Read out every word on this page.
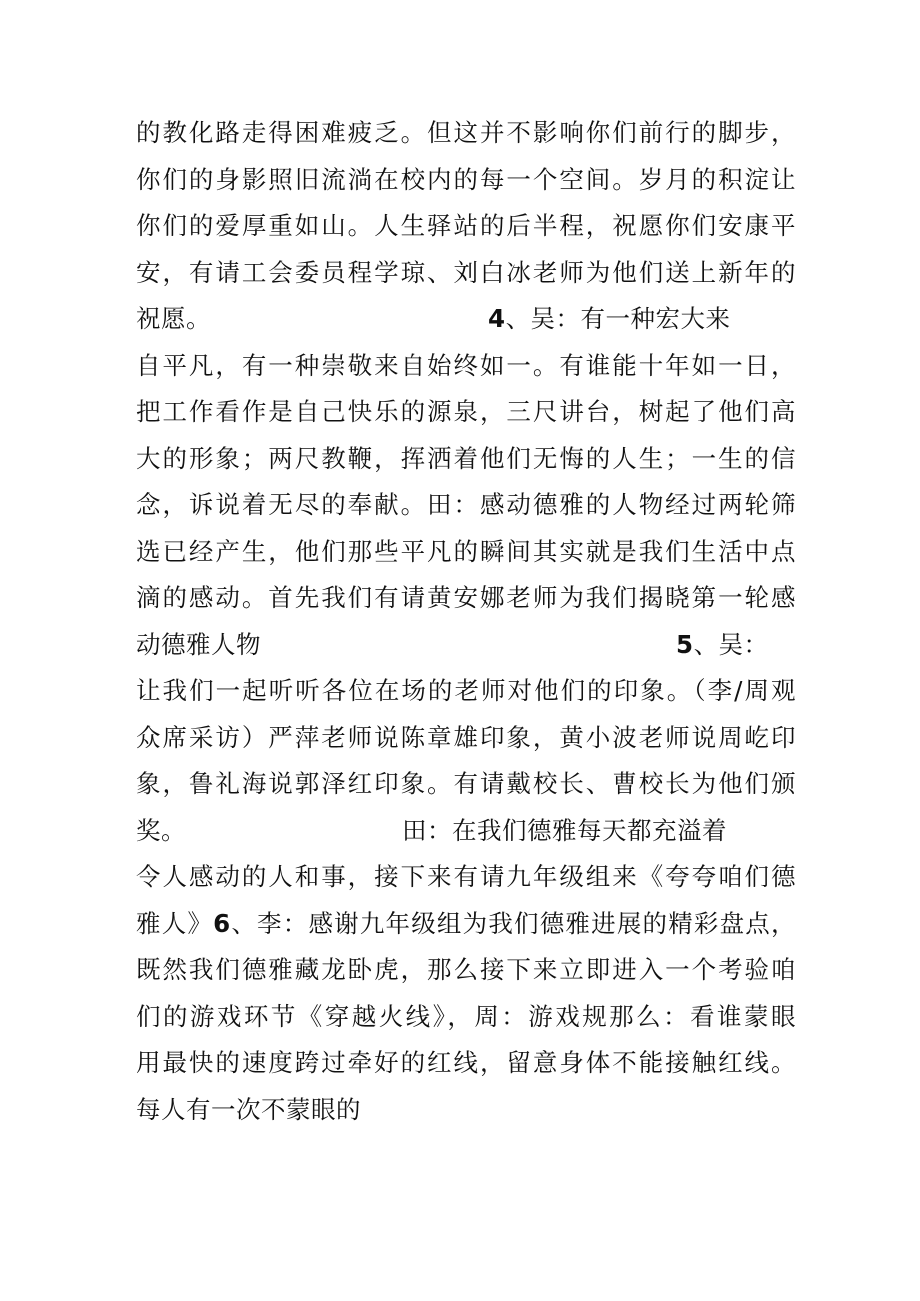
的教化路走得困难疲乏。但这并不影响你们前行的脚步，
你们的身影照旧流淌在校内的每一个空间。岁月的积淀让
你们的爱厚重如山。人生驿站的后半程，祝愿你们安康平
安，有请工会委员程学琼、刘白冰老师为他们送上新年的
祝愿。	4、吴：有一种宏大来
自平凡，有一种崇敬来自始终如一。有谁能十年如一日，
把工作看作是自己快乐的源泉，三尺讲台，树起了他们高
大的形象；两尺教鞭，挥洒着他们无悔的人生；一生的信
念，诉说着无尽的奉献。田：感动德雅的人物经过两轮筛
选已经产生，他们那些平凡的瞬间其实就是我们生活中点
滴的感动。首先我们有请黄安娜老师为我们揭晓第一轮感
动德雅人物	5、吴：
让我们一起听听各位在场的老师对他们的印象。（李/周观
众席采访）严萍老师说陈章雄印象，黄小波老师说周屹印
象，鲁礼海说郭泽红印象。有请戴校长、曹校长为他们颁
奖。	田：在我们德雅每天都充溢着
令人感动的人和事，接下来有请九年级组来《夸夸咱们德
雅人》6、李：感谢九年级组为我们德雅进展的精彩盘点，
既然我们德雅藏龙卧虎，那么接下来立即进入一个考验咱
们的游戏环节《穿越火线》，周：游戏规那么：看谁蒙眼
用最快的速度跨过牵好的红线，留意身体不能接触红线。
每人有一次不蒙眼的
